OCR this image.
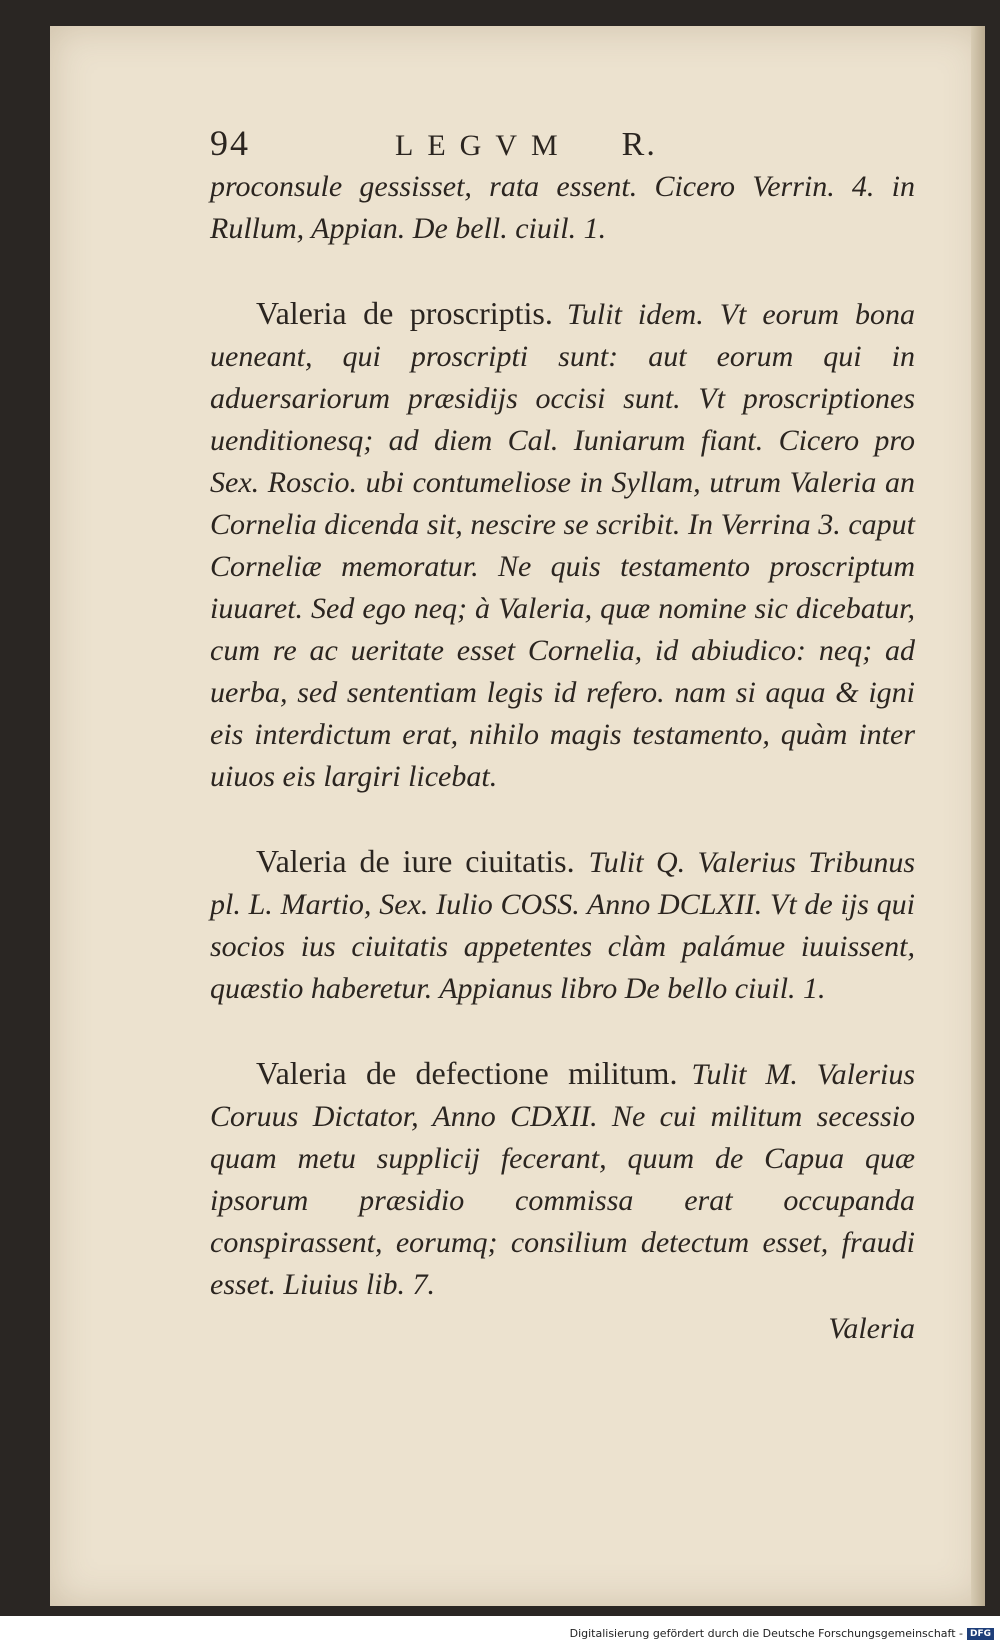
94	LEGVM R.

proconsule gessisset, rata essent. Cicero Verrin. 4. in Rullum, Appian. De bell. ciuil. 1.

Valeria de proscriptis. Tulit idem. Vt eorum bona ueneant, qui proscripti sunt: aut eorum qui in aduersariorum præsidijs occisi sunt. Vt proscriptiones uenditionesq; ad diem Cal. Iuniarum fiant. Cicero pro Sex. Roscio. ubi contumeliose in Syllam, utrum Valeria an Cornelia dicenda sit, nescire se scribit. In Verrina 3. caput Corneliæ memoratur. Ne quis testamento proscriptum iuuaret. Sed ego neq; à Valeria, quæ nomine sic dicebatur, cum re ac ueritate esset Cornelia, id abiudico: neq; ad uerba, sed sententiam legis id refero. nam si aqua & igni eis interdictum erat, nihilo magis testamento, quàm inter uiuos eis largiri licebat.

Valeria de iure ciuitatis. Tulit Q. Valerius Tribunus pl. L. Martio, Sex. Iulio COSS. Anno DCLXII. Vt de ijs qui socios ius ciuitatis appetentes clàm palámue iuuissent, quæstio haberetur. Appianus libro De bello ciuil. 1.

Valeria de defectione militum. Tulit M. Valerius Coruus Dictator, Anno CDXII. Ne cui militum secessio quam metu supplicij fecerant, quum de Capua quæ ipsorum præsidio commissa erat occupanda conspirassent, eorumq; consilium detectum esset, fraudi esset. Liuius lib. 7.

Valeria
Digitalisierung gefördert durch die Deutsche Forschungsgemeinschaft - DFG
